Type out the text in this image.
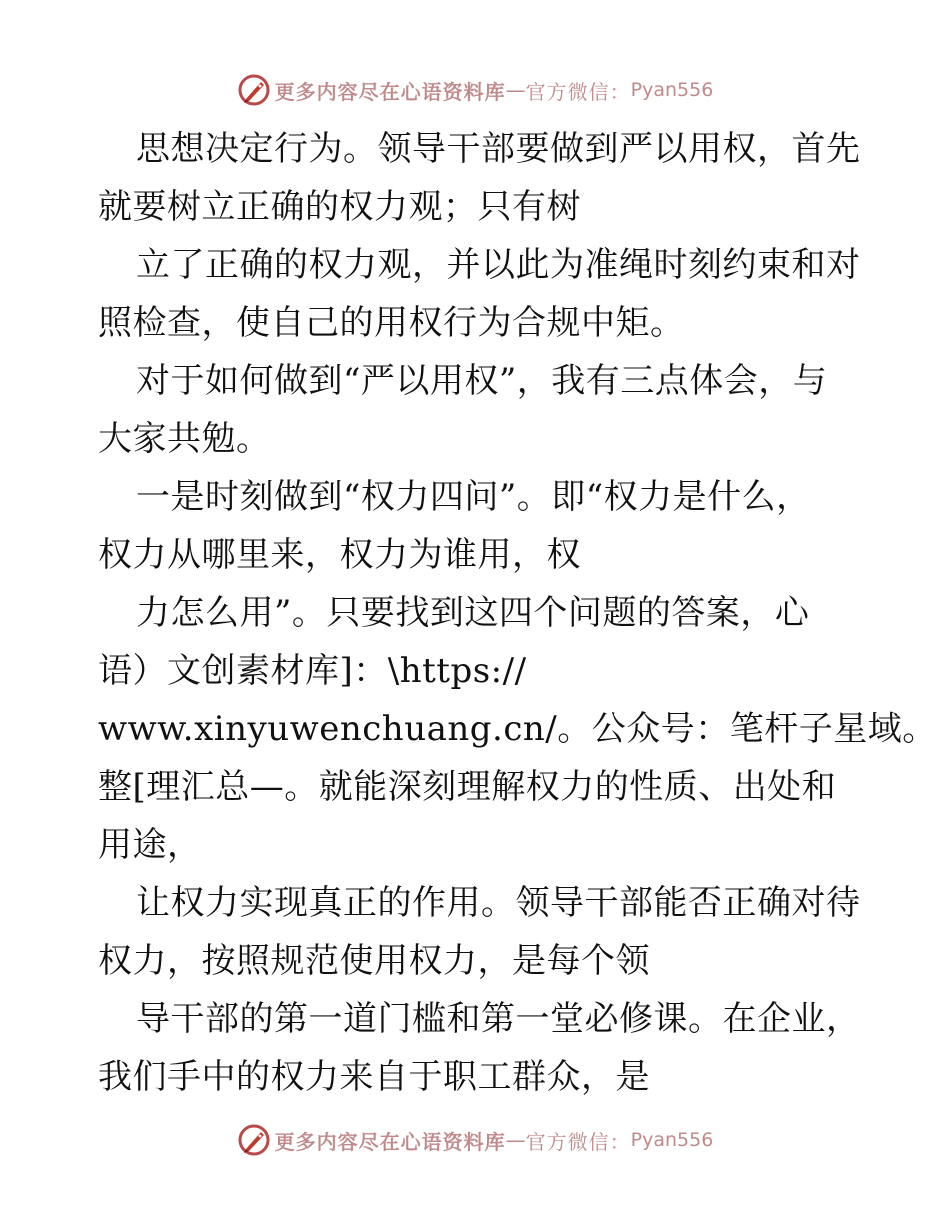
更多内容尽在心语资料库 — 官方微信： Pyan556
思想决定行为。领导干部要做到严以用权，首先
就要树立正确的权力观；只有树
立了正确的权力观，并以此为准绳时刻约束和对
照检查，使自己的用权行为合规中矩。
对于如何做到“严以用权”，我有三点体会，与
大家共勉。
一是时刻做到“权力四问”。即“权力是什么，
权力从哪里来，权力为谁用，权
力怎么用”。只要找到这四个问题的答案，心
语）文创素材库]：\https://
www.xinyuwenchuang.cn/。公众号：笔杆子星域。
整[理汇总—。就能深刻理解权力的性质、出处和
用途，
让权力实现真正的作用。领导干部能否正确对待
权力，按照规范使用权力，是每个领
导干部的第一道门槛和第一堂必修课。在企业，
我们手中的权力来自于职工群众，是
更多内容尽在心语资料库 — 官方微信： Pyan556
